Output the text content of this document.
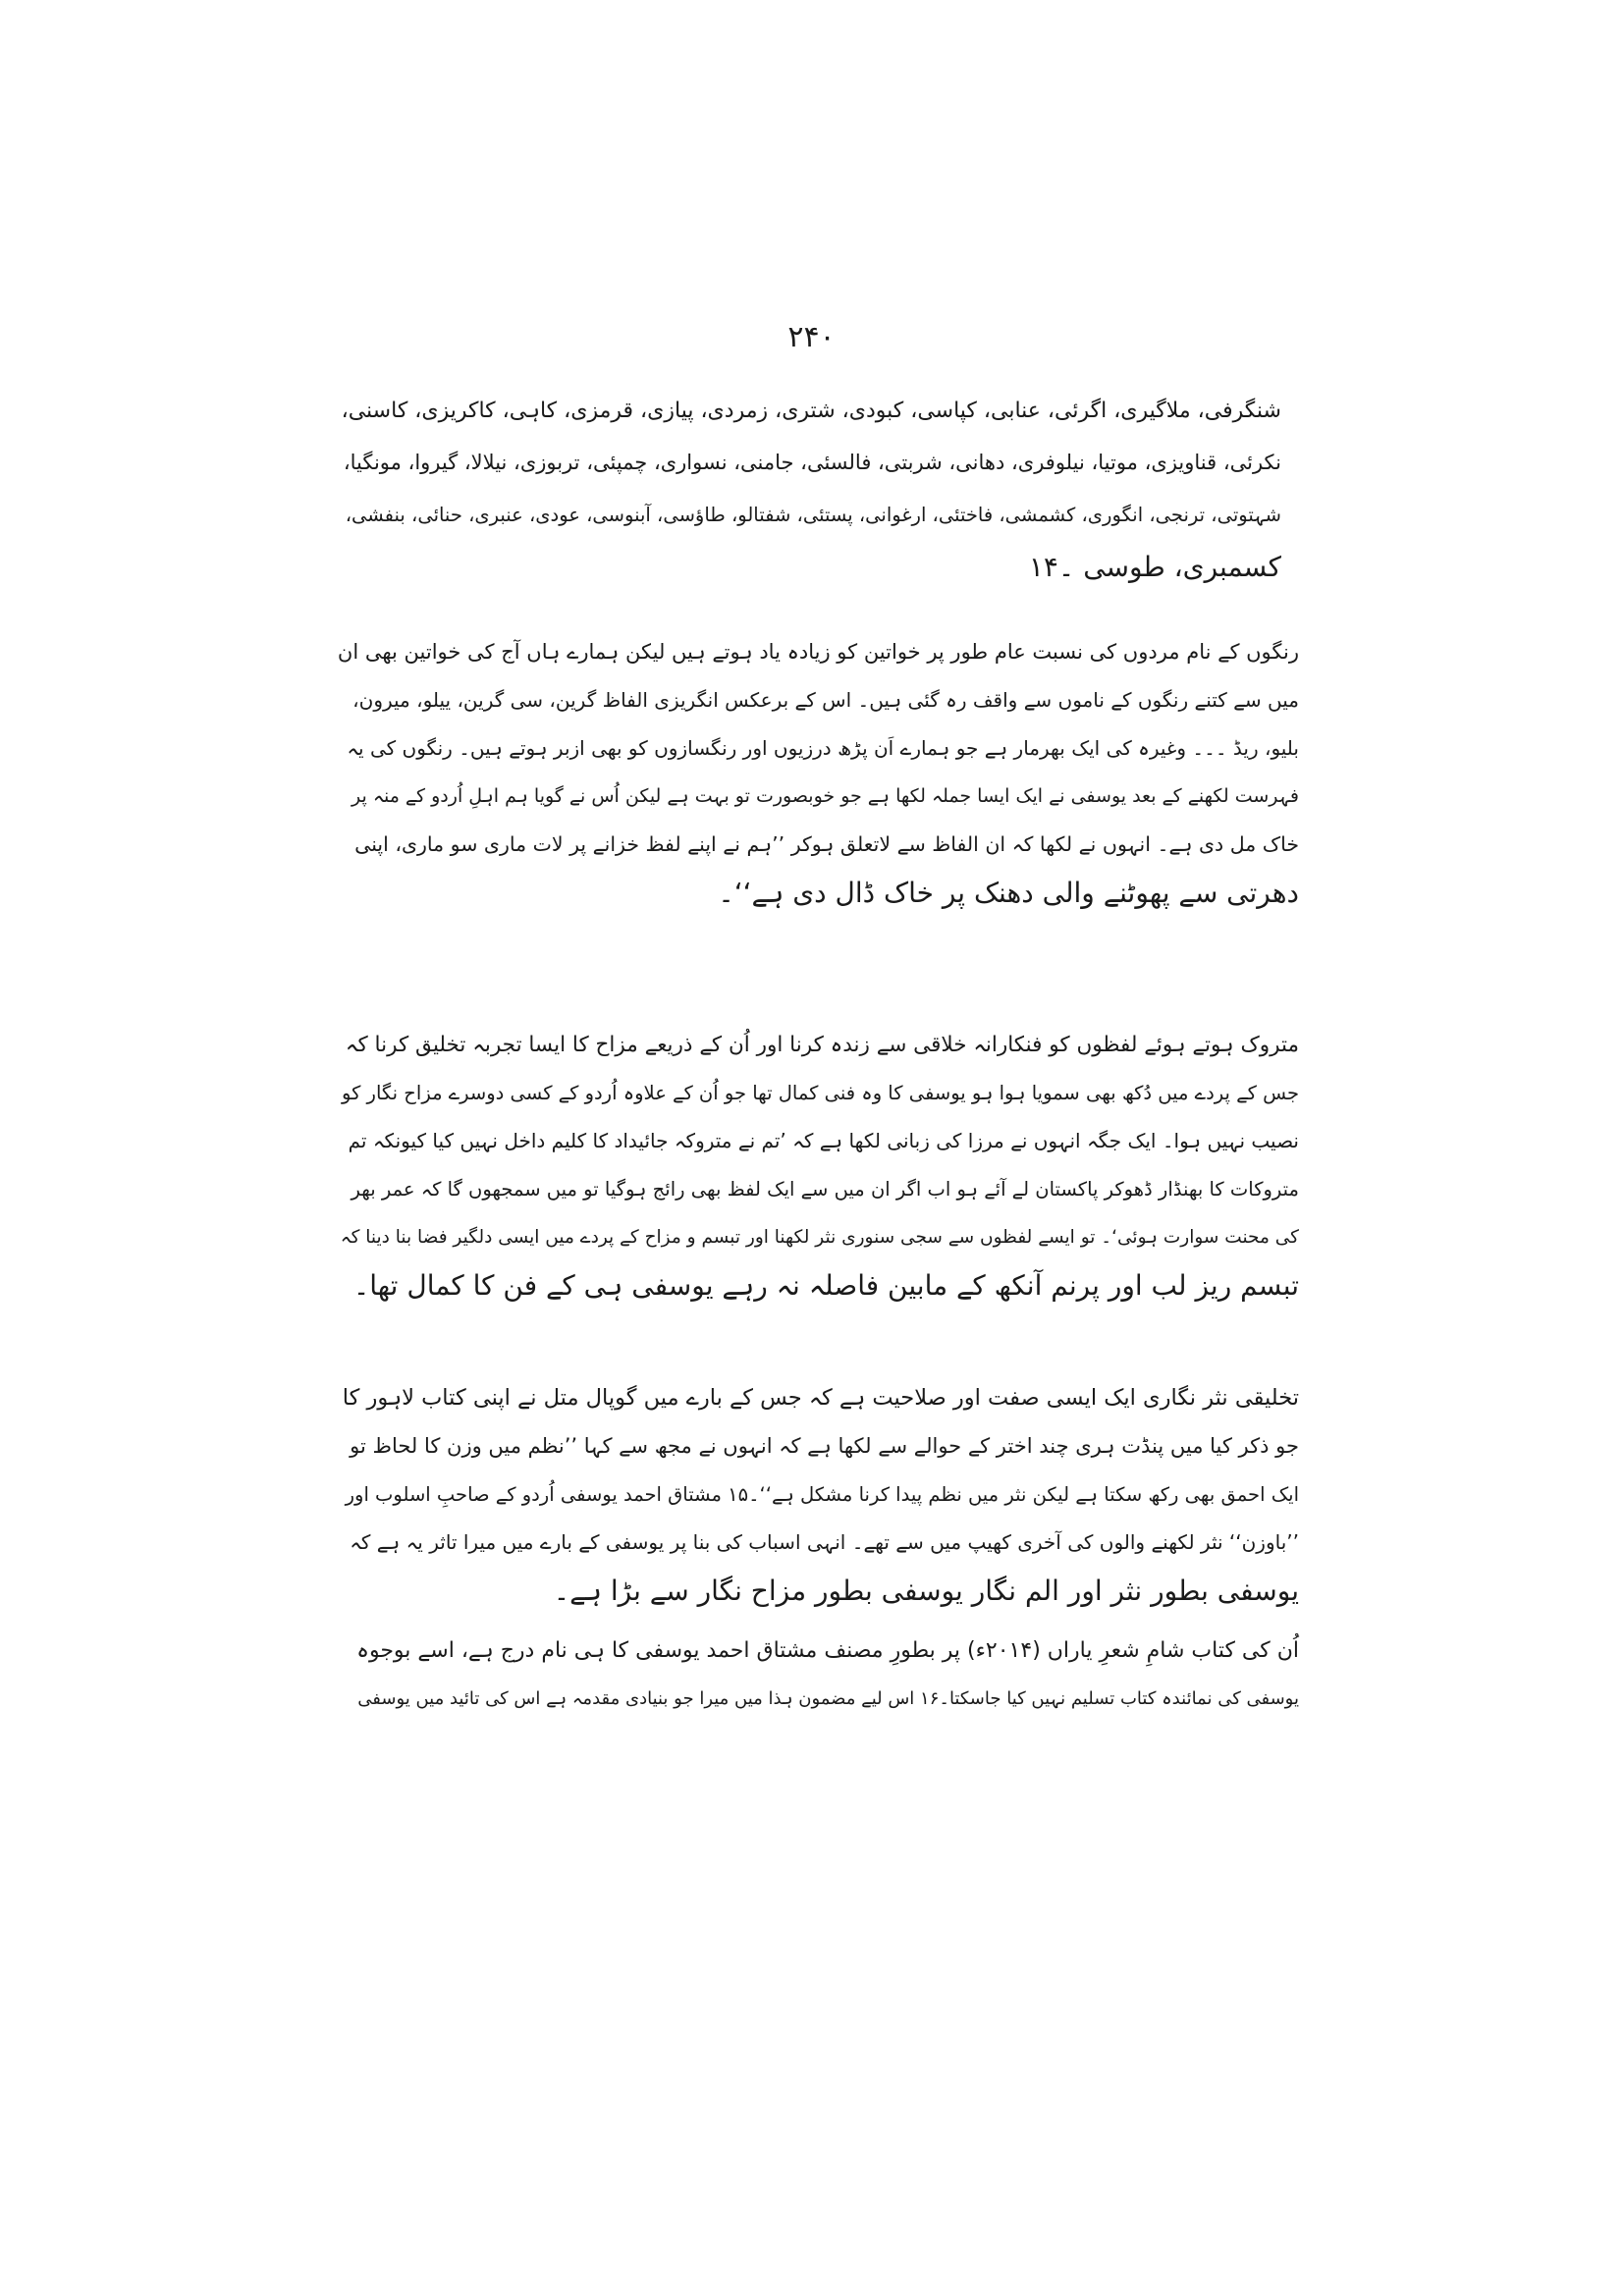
۲۴۰
شنگرفی، ملاگیری، اگرئی، عنابی، کپاسی، کبودی، شتری، زمردی، پیازی، قرمزی، کاہی، کاکریزی، کاسنی،
نکرئی، قناویزی، موتیا، نیلوفری، دھانی، شربتی، فالسئی، جامنی، نسواری، چمپئی، تربوزی، نیلالا، گیروا، مونگیا،
شہتوتی، ترنجی، انگوری، کشمشی، فاختئی، ارغوانی، پستئی، شفتالو، طاؤسی، آبنوسی، عودی، عنبری، حنائی، بنفشی،
کسمبری، طوسی ۔۱۴
رنگوں کے نام مردوں کی نسبت عام طور پر خواتین کو زیادہ یاد ہوتے ہیں لیکن ہمارے ہاں آج کی خواتین بھی ان
میں سے کتنے رنگوں کے ناموں سے واقف رہ گئی ہیں۔ اس کے برعکس انگریزی الفاظ گرین، سی گرین، ییلو، میرون،
بلیو، ریڈ ۔۔۔ وغیرہ کی ایک بھرمار ہے جو ہمارے اَن پڑھ درزیوں اور رنگسازوں کو بھی ازبر ہوتے ہیں۔ رنگوں کی یہ
فہرست لکھنے کے بعد یوسفی نے ایک ایسا جملہ لکھا ہے جو خوبصورت تو بہت ہے لیکن اُس نے گویا ہم اہلِ اُردو کے منہ پر
خاک مل دی ہے۔ انہوں نے لکھا کہ ان الفاظ سے لاتعلق ہوکر ’’ہم نے اپنے لفظ خزانے پر لات ماری سو ماری، اپنی
دھرتی سے پھوٹنے والی دھنک پر خاک ڈال دی ہے‘‘۔
متروک ہوتے ہوئے لفظوں کو فنکارانہ خلاقی سے زندہ کرنا اور اُن کے ذریعے مزاح کا ایسا تجربہ تخلیق کرنا کہ
جس کے پردے میں دُکھ بھی سمویا ہوا ہو یوسفی کا وہ فنی کمال تھا جو اُن کے علاوہ اُردو کے کسی دوسرے مزاح نگار کو
نصیب نہیں ہوا۔ ایک جگہ انہوں نے مرزا کی زبانی لکھا ہے کہ ’تم نے متروکہ جائیداد کا کلیم داخل نہیں کیا کیونکہ تم
متروکات کا بھنڈار ڈھوکر پاکستان لے آئے ہو اب اگر ان میں سے ایک لفظ بھی رائج ہوگیا تو میں سمجھوں گا کہ عمر بھر
کی محنت سوارت ہوئی‘۔ تو ایسے لفظوں سے سجی سنوری نثر لکھنا اور تبسم و مزاح کے پردے میں ایسی دلگیر فضا بنا دینا کہ
تبسم ریز لب اور پرنم آنکھ کے مابین فاصلہ نہ رہے یوسفی ہی کے فن کا کمال تھا۔
تخلیقی نثر نگاری ایک ایسی صفت اور صلاحیت ہے کہ جس کے بارے میں گوپال متل نے اپنی کتاب لاہور کا
جو ذکر کیا میں پنڈت ہری چند اختر کے حوالے سے لکھا ہے کہ انہوں نے مجھ سے کہا ’’نظم میں وزن کا لحاظ تو
ایک احمق بھی رکھ سکتا ہے لیکن نثر میں نظم پیدا کرنا مشکل ہے‘‘۔۱۵ مشتاق احمد یوسفی اُردو کے صاحبِ اسلوب اور
’’باوزن‘‘ نثر لکھنے والوں کی آخری کھیپ میں سے تھے۔ انہی اسباب کی بنا پر یوسفی کے بارے میں میرا تاثر یہ ہے کہ
یوسفی بطور نثر اور الم نگار یوسفی بطور مزاح نگار سے بڑا ہے۔
اُن کی کتاب شامِ شعرِ یاراں (۲۰۱۴ء) پر بطورِ مصنف مشتاق احمد یوسفی کا ہی نام درج ہے، اسے بوجوہ
یوسفی کی نمائندہ کتاب تسلیم نہیں کیا جاسکتا۔۱۶ اس لیے مضمون ہذا میں میرا جو بنیادی مقدمہ ہے اس کی تائید میں یوسفی
